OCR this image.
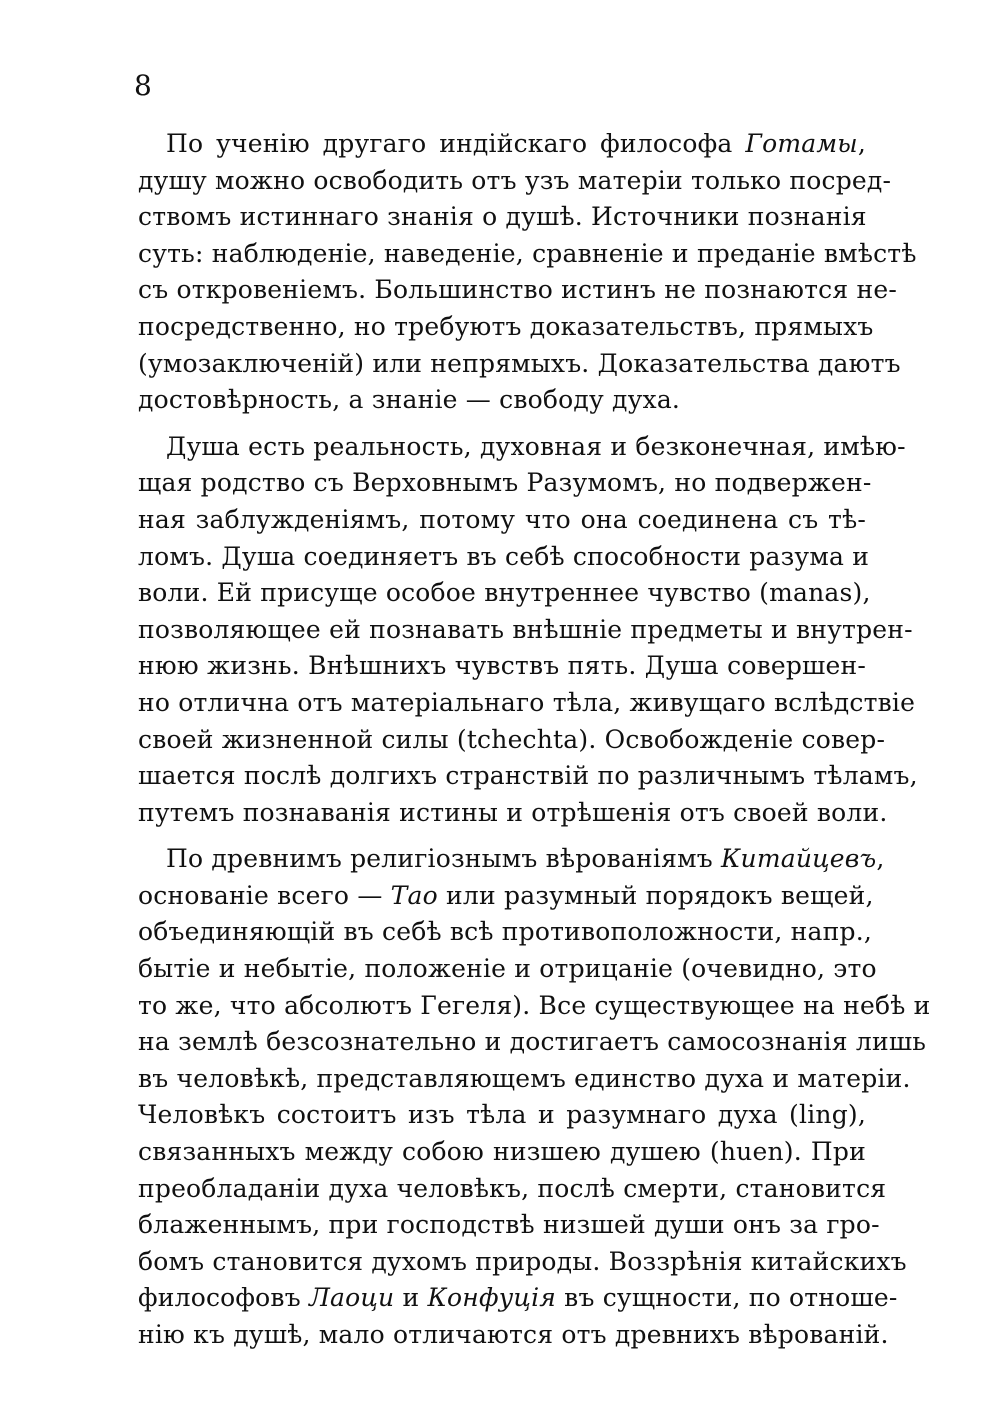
8
По ученію другаго индійскаго философа Готамы,
душу можно освободить отъ узъ матеріи только посред-
ствомъ истиннаго знанія о душѣ. Источники познанія
суть: наблюденіе, наведеніе, сравненіе и преданіе вмѣстѣ
съ откровеніемъ. Большинство истинъ не познаются не-
посредственно, но требуютъ доказательствъ, прямыхъ
(умозаключеній) или непрямыхъ. Доказательства даютъ
достовѣрность, а знаніе — свободу духа.
Душа есть реальность, духовная и безконечная, имѣю-
щая родство съ Верховнымъ Разумомъ, но подвержен-
ная заблужденіямъ, потому что она соединена съ тѣ-
ломъ. Душа соединяетъ въ себѣ способности разума и
воли. Ей присуще особое внутреннее чувство (manas),
позволяющее ей познавать внѣшніе предметы и внутрен-
нюю жизнь. Внѣшнихъ чувствъ пять. Душа совершен-
но отлична отъ матеріальнаго тѣла, живущаго вслѣдствіе
своей жизненной силы (tchechta). Освобожденіе совер-
шается послѣ долгихъ странствій по различнымъ тѣламъ,
путемъ познаванія истины и отрѣшенія отъ своей воли.
По древнимъ религіознымъ вѣрованіямъ Китайцевъ,
основаніе всего — Тао или разумный порядокъ вещей,
объединяющій въ себѣ всѣ противоположности, напр.,
бытіе и небытіе, положеніе и отрицаніе (очевидно, это
то же, что абсолютъ Гегеля). Все существующее на небѣ и
на землѣ безсознательно и достигаетъ самосознанія лишь
въ человѣкѣ, представляющемъ единство духа и матеріи.
Человѣкъ состоитъ изъ тѣла и разумнаго духа (ling),
связанныхъ между собою низшею душею (huen). При
преобладаніи духа человѣкъ, послѣ смерти, становится
блаженнымъ, при господствѣ низшей души онъ за гро-
бомъ становится духомъ природы. Воззрѣнія китайскихъ
философовъ Лаоци и Конфуція въ сущности, по отноше-
нію къ душѣ, мало отличаются отъ древнихъ вѣрованій.
